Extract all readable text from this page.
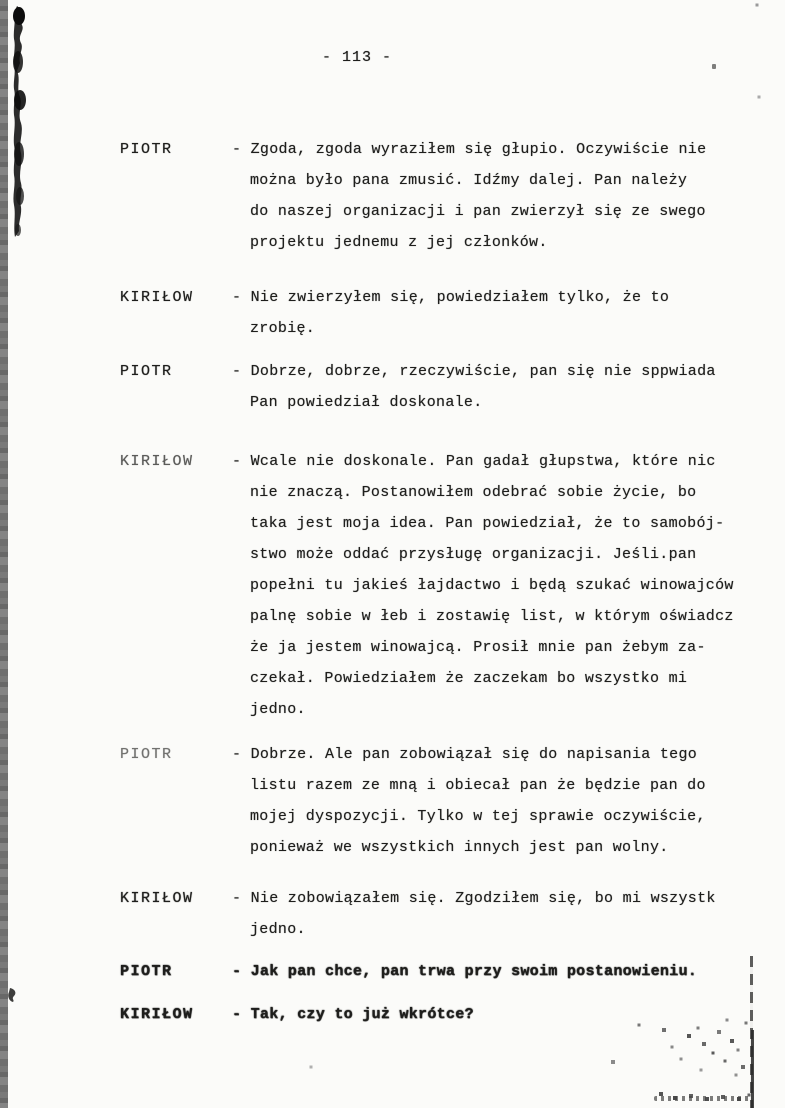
- 113 -
PIOTR	- Zgoda, zgoda wyraziłem się głupio. Oczywiście nie
można było pana zmusić. Idźmy dalej. Pan należy
do naszej organizacji i pan zwierzył się ze swego
projektu jednemu z jej członków.
KIRIŁOW	- Nie zwierzyłem się, powiedziałem tylko, że to
zrobię.
PIOTR	- Dobrze, dobrze, rzeczywiście, pan się nie sppwiada
Pan powiedział doskonale.
KIRIŁOW	- Wcale nie doskonale. Pan gadał głupstwa, które nic
nie znaczą. Postanowiłem odebrać sobie życie, bo
taka jest moja idea. Pan powiedział, że to samobój-
stwo może oddać przysługę organizacji. Jeśli.pan
popełni tu jakieś łajdactwo i będą szukać winowajców
palnę sobie w łeb i zostawię list, w którym oświadcz
że ja jestem winowajcą. Prosił mnie pan żebym za-
czekał. Powiedziałem że zaczekam bo wszystko mi
jedno.
PIOTR	- Dobrze. Ale pan zobowiązał się do napisania tego
listu razem ze mną i obiecał pan że będzie pan do
mojej dyspozycji. Tylko w tej sprawie oczywiście,
ponieważ we wszystkich innych jest pan wolny.
KIRIŁOW	- Nie zobowiązałem się. Zgodziłem się, bo mi wszystk
jedno.
PIOTR	- Jak pan chce, pan trwa przy swoim postanowieniu.
KIRIŁOW	- Tak, czy to już wkrótce?
